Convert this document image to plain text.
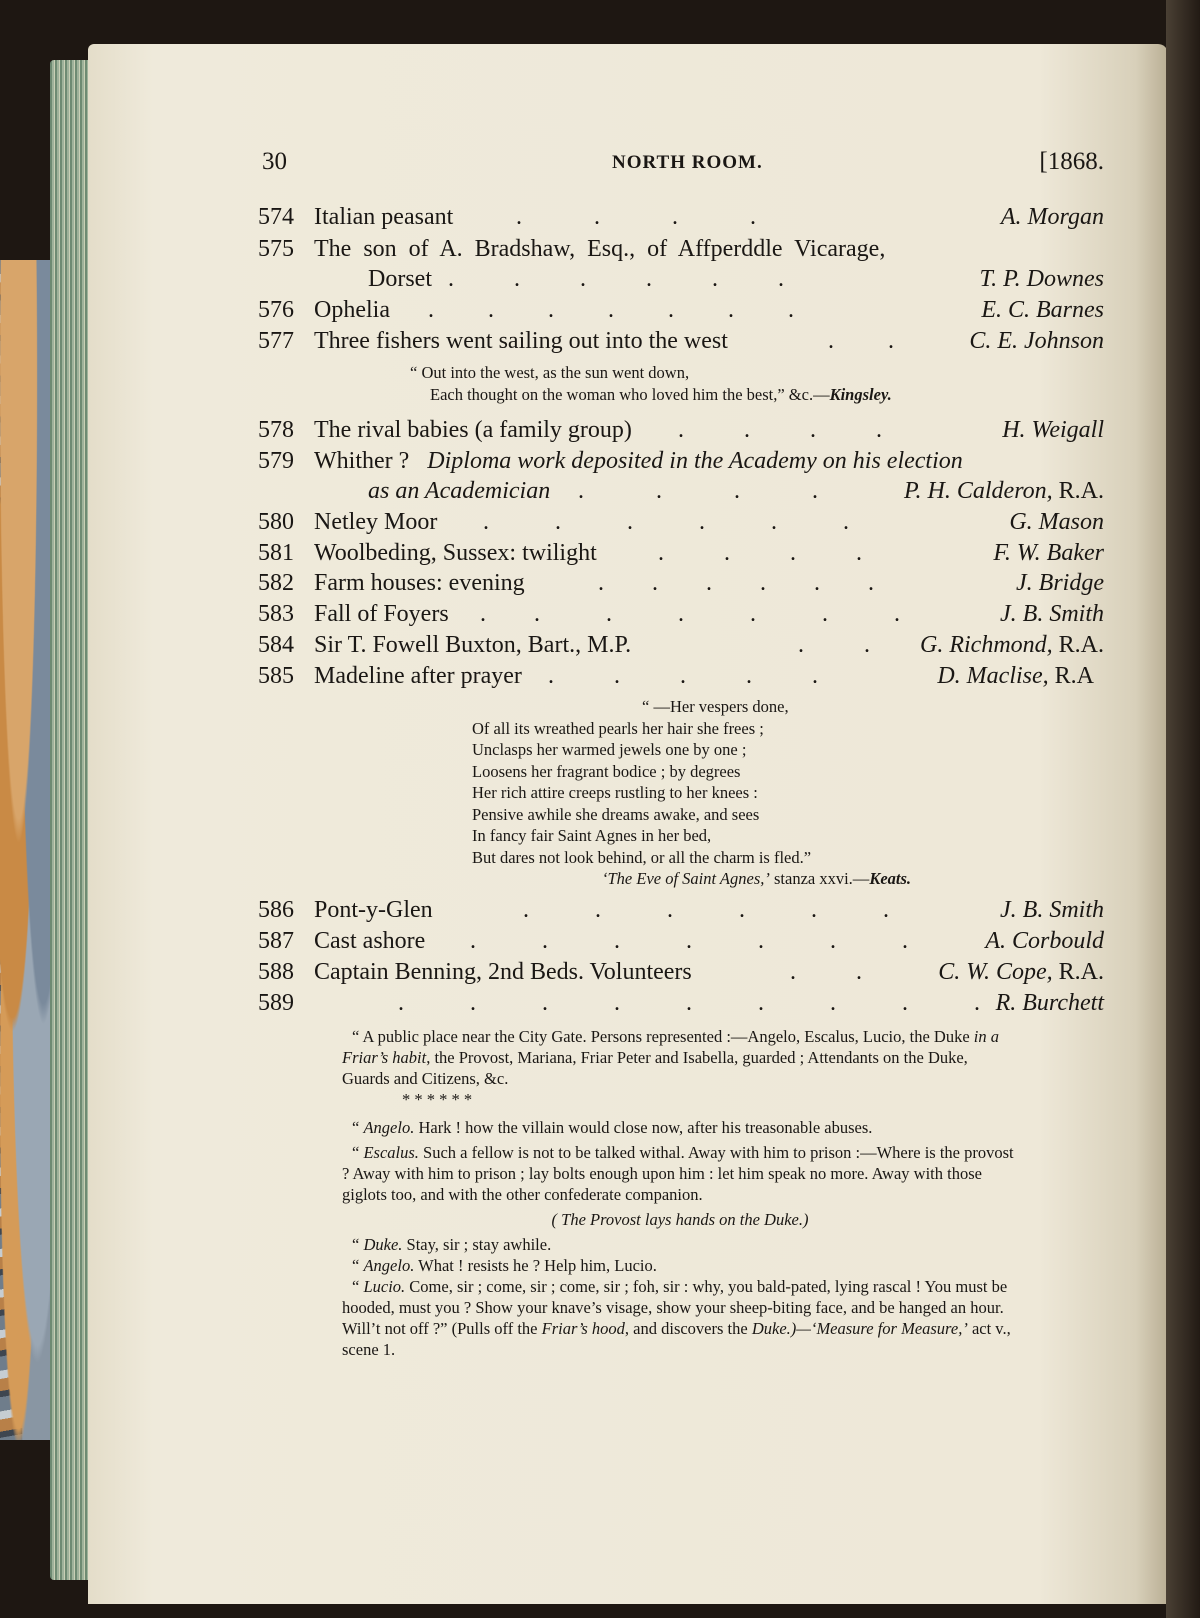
30	NORTH ROOM.	[1868.
574 Italian peasant	.            .            .            .	A. Morgan
575 The son of A. Bradshaw, Esq., of Affperddle Vicarage,
Dorset .          .          .          .          .          .	T. P. Downes
576 Ophelia .         .         .         .         .         .         .	E. C. Barnes
577 Three fishers went sailing out into the west	.         .	C. E. Johnson
“ Out into the west, as the sun went down,
Each thought on the woman who loved him the best,” &c.—Kingsley.
578 The rival babies (a family group) .          .          .          .	H. Weigall
579 Whither ? Diploma work deposited in the Academy on his election
as an Academician .            .            .            .	P. H. Calderon, R.A.
580 Netley Moor .           .           .           .           .           .	G. Mason
581 Woolbeding, Sussex: twilight	.          .          .          .	F. W. Baker
582 Farm houses: evening	.        .        .        .        .        .	J. Bridge
583 Fall of Foyers .        .           .           .           .           .           .	J. B. Smith
584 Sir T. Fowell Buxton, Bart., M.P.	.          . G. Richmond, R.A.
585 Madeline after prayer .          .          .          .          .	D. Maclise, R.A
“ —Her vespers done,
Of all its wreathed pearls her hair she frees ;
Unclasps her warmed jewels one by one ;
Loosens her fragrant bodice ; by degrees
Her rich attire creeps rustling to her knees :
Pensive awhile she dreams awake, and sees
In fancy fair Saint Agnes in her bed,
But dares not look behind, or all the charm is fled.”
‘The Eve of Saint Agnes,’ stanza xxvi.—Keats.
586 Pont-y-Glen	.           .           .           .           .           .	J. B. Smith
587 Cast ashore .           .           .           .           .           .           .	A. Corbould
588 Captain Benning, 2nd Beds. Volunteers	.          .	C. W. Cope, R.A.
589	.           .           .           .           .           .           .           .           . R. Burchett

“ A public place near the City Gate. Persons represented :—Angelo, Escalus, Lucio, the Duke in a Friar’s habit, the Provost, Mariana, Friar Peter and Isabella, guarded ; Attendants on the Duke, Guards and Citizens, &c.

* * * * * *

“ Angelo. Hark ! how the villain would close now, after his treasonable abuses.

“ Escalus. Such a fellow is not to be talked withal. Away with him to prison :—Where is the provost ? Away with him to prison ; lay bolts enough upon him : let him speak no more. Away with those giglots too, and with the other confederate companion.

( The Provost lays hands on the Duke.)

“ Duke. Stay, sir ; stay awhile.

“ Angelo. What ! resists he ? Help him, Lucio.

“ Lucio. Come, sir ; come, sir ; come, sir ; foh, sir : why, you bald-pated, lying rascal ! You must be hooded, must you ? Show your knave’s visage, show your sheep-biting face, and be hanged an hour. Will’t not off ?” (Pulls off the Friar’s hood, and discovers the Duke.)—‘Measure for Measure,’ act v., scene 1.
